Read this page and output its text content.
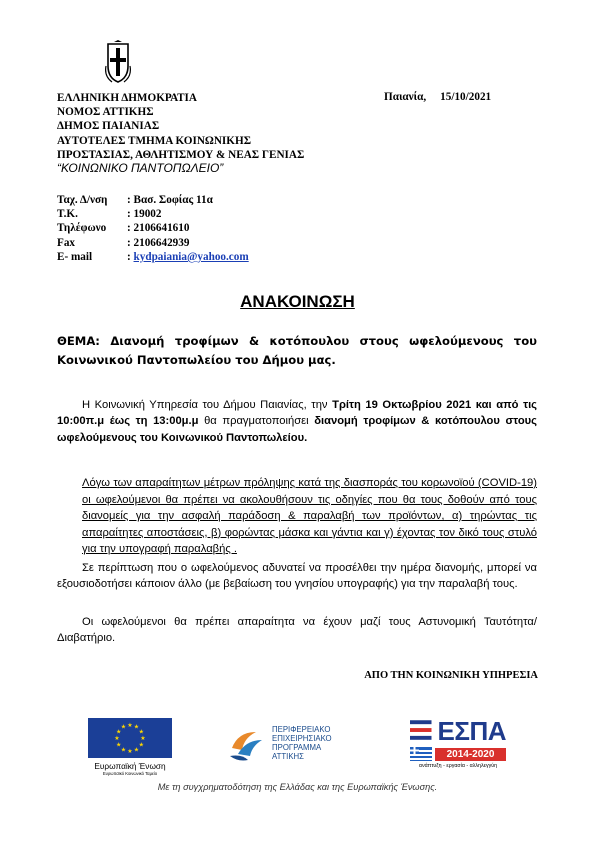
ΕΛΛΗΝΙΚΗ ΔΗΜΟΚΡΑΤΙΑ
ΝΟΜΟΣ ΑΤΤΙΚΗΣ
ΔΗΜΟΣ ΠΑΙΑΝΙΑΣ
ΑΥΤΟΤΕΛΕΣ ΤΜΗΜΑ ΚΟΙΝΩΝΙΚΗΣ
ΠΡΟΣΤΑΣΙΑΣ, ΑΘΛΗΤΙΣΜΟΥ & ΝΕΑΣ ΓΕΝΙΑΣ
Παιανία, 15/10/2021
“ΚΟΙΝΩΝΙΚΟ ΠΑΝΤΟΠΩΛΕΙΟ”
Ταχ. Δ/νση	: Βασ. Σοφίας 11α
Τ.Κ.	: 19002
Τηλέφωνο	: 2106641610
Fax	: 2106642939
E- mail	: kydpaiania@yahoo.com
ΑΝΑΚΟΙΝΩΣΗ
ΘΕΜΑ: Διανομή τροφίμων & κοτόπουλου στους ωφελούμενους του Κοινωνικού Παντοπωλείου του Δήμου μας.
Η Κοινωνική Υπηρεσία του Δήμου Παιανίας, την Τρίτη 19 Οκτωβρίου 2021 και από τις 10:00π.μ έως τη 13:00μ.μ θα πραγματοποιήσει διανομή τροφίμων & κοτόπουλου στους ωφελούμενους του Κοινωνικού Παντοπωλείου.
Λόγω των απαραίτητων μέτρων πρόληψης κατά της διασποράς του κορωνοϊού (COVID-19) οι ωφελούμενοι θα πρέπει να ακολουθήσουν τις οδηγίες που θα τους δοθούν από τους διανομείς για την ασφαλή παράδοση & παραλαβή των προϊόντων, α) τηρώντας τις απαραίτητες αποστάσεις, β) φορώντας μάσκα και γάντια και γ) έχοντας τον δικό τους στυλό για την υπογραφή παραλαβής .
Σε περίπτωση που ο ωφελούμενος αδυνατεί να προσέλθει την ημέρα διανομής, μπορεί να εξουσιοδοτήσει κάποιον άλλο (με βεβαίωση του γνησίου υπογραφής) για την παραλαβή τους.
Οι ωφελούμενοι θα πρέπει απαραίτητα να έχουν μαζί τους Αστυνομική Ταυτότητα/Διαβατήριο.
ΑΠΟ ΤΗΝ ΚΟΙΝΩΝΙΚΗ ΥΠΗΡΕΣΙΑ
★ ★
★
★
★
★
★
★
★
★
★
★
Ευρωπαϊκή Ένωση
Ευρωπαϊκό Κοινωνικό Ταμείο
ΠΕΡΙΦΕΡΕΙΑΚΟ
ΕΠΙΧΕΙΡΗΣΙΑΚΟ
ΠΡΟΓΡΑΜΜΑ
ΑΤΤΙΚΗΣ
ΕΣΠΑ
2014-2020
ανάπτυξη - εργασία - αλληλεγγύη
Με τη συγχρηματοδότηση της Ελλάδας και της Ευρωπαϊκής Ένωσης.
